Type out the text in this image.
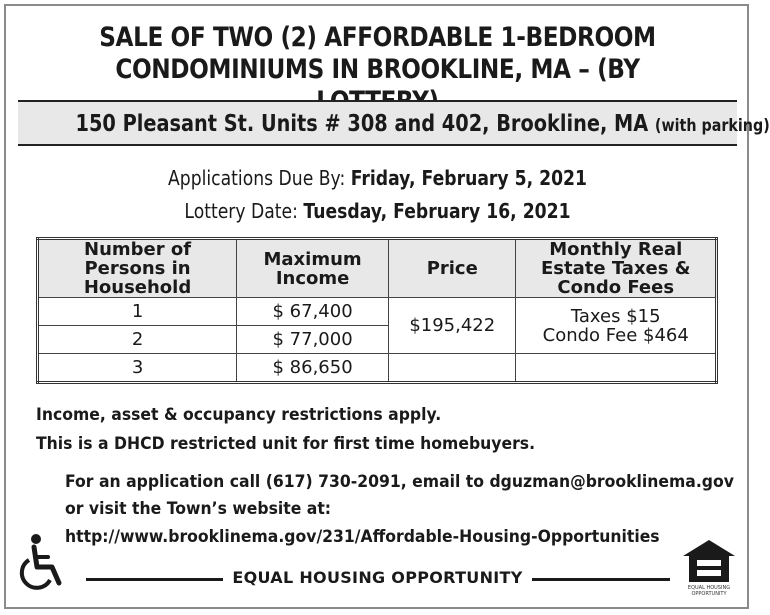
SALE OF TWO (2) AFFORDABLE 1-BEDROOM
CONDOMINIUMS IN BROOKLINE, MA – (BY
150 Pleasant St. Units # 308 and 402, Brookline, MA (with parking)
Applications Due By: Friday, February 5, 2021
Lottery Date: Tuesday, February 16, 2021
Number of Persons in Household	Maximum Income	Price	Monthly Real Estate Taxes & Condo Fees
1	$ 67,400	$195,422	Taxes $15
Condo Fee $464

2	$ 77,000		
3	$ 86,650		
Income, asset & occupancy restrictions apply.
This is a DHCD restricted unit for first time homebuyers.
For an application call (617) 730-2091, email to dguzman@brooklinema.gov
or visit the Town’s website at:
http://www.brooklinema.gov/231/Affordable-Housing-Opportunities
EQUAL HOUSING OPPORTUNITY
EQUAL HOUSING
OPPORTUNITY
